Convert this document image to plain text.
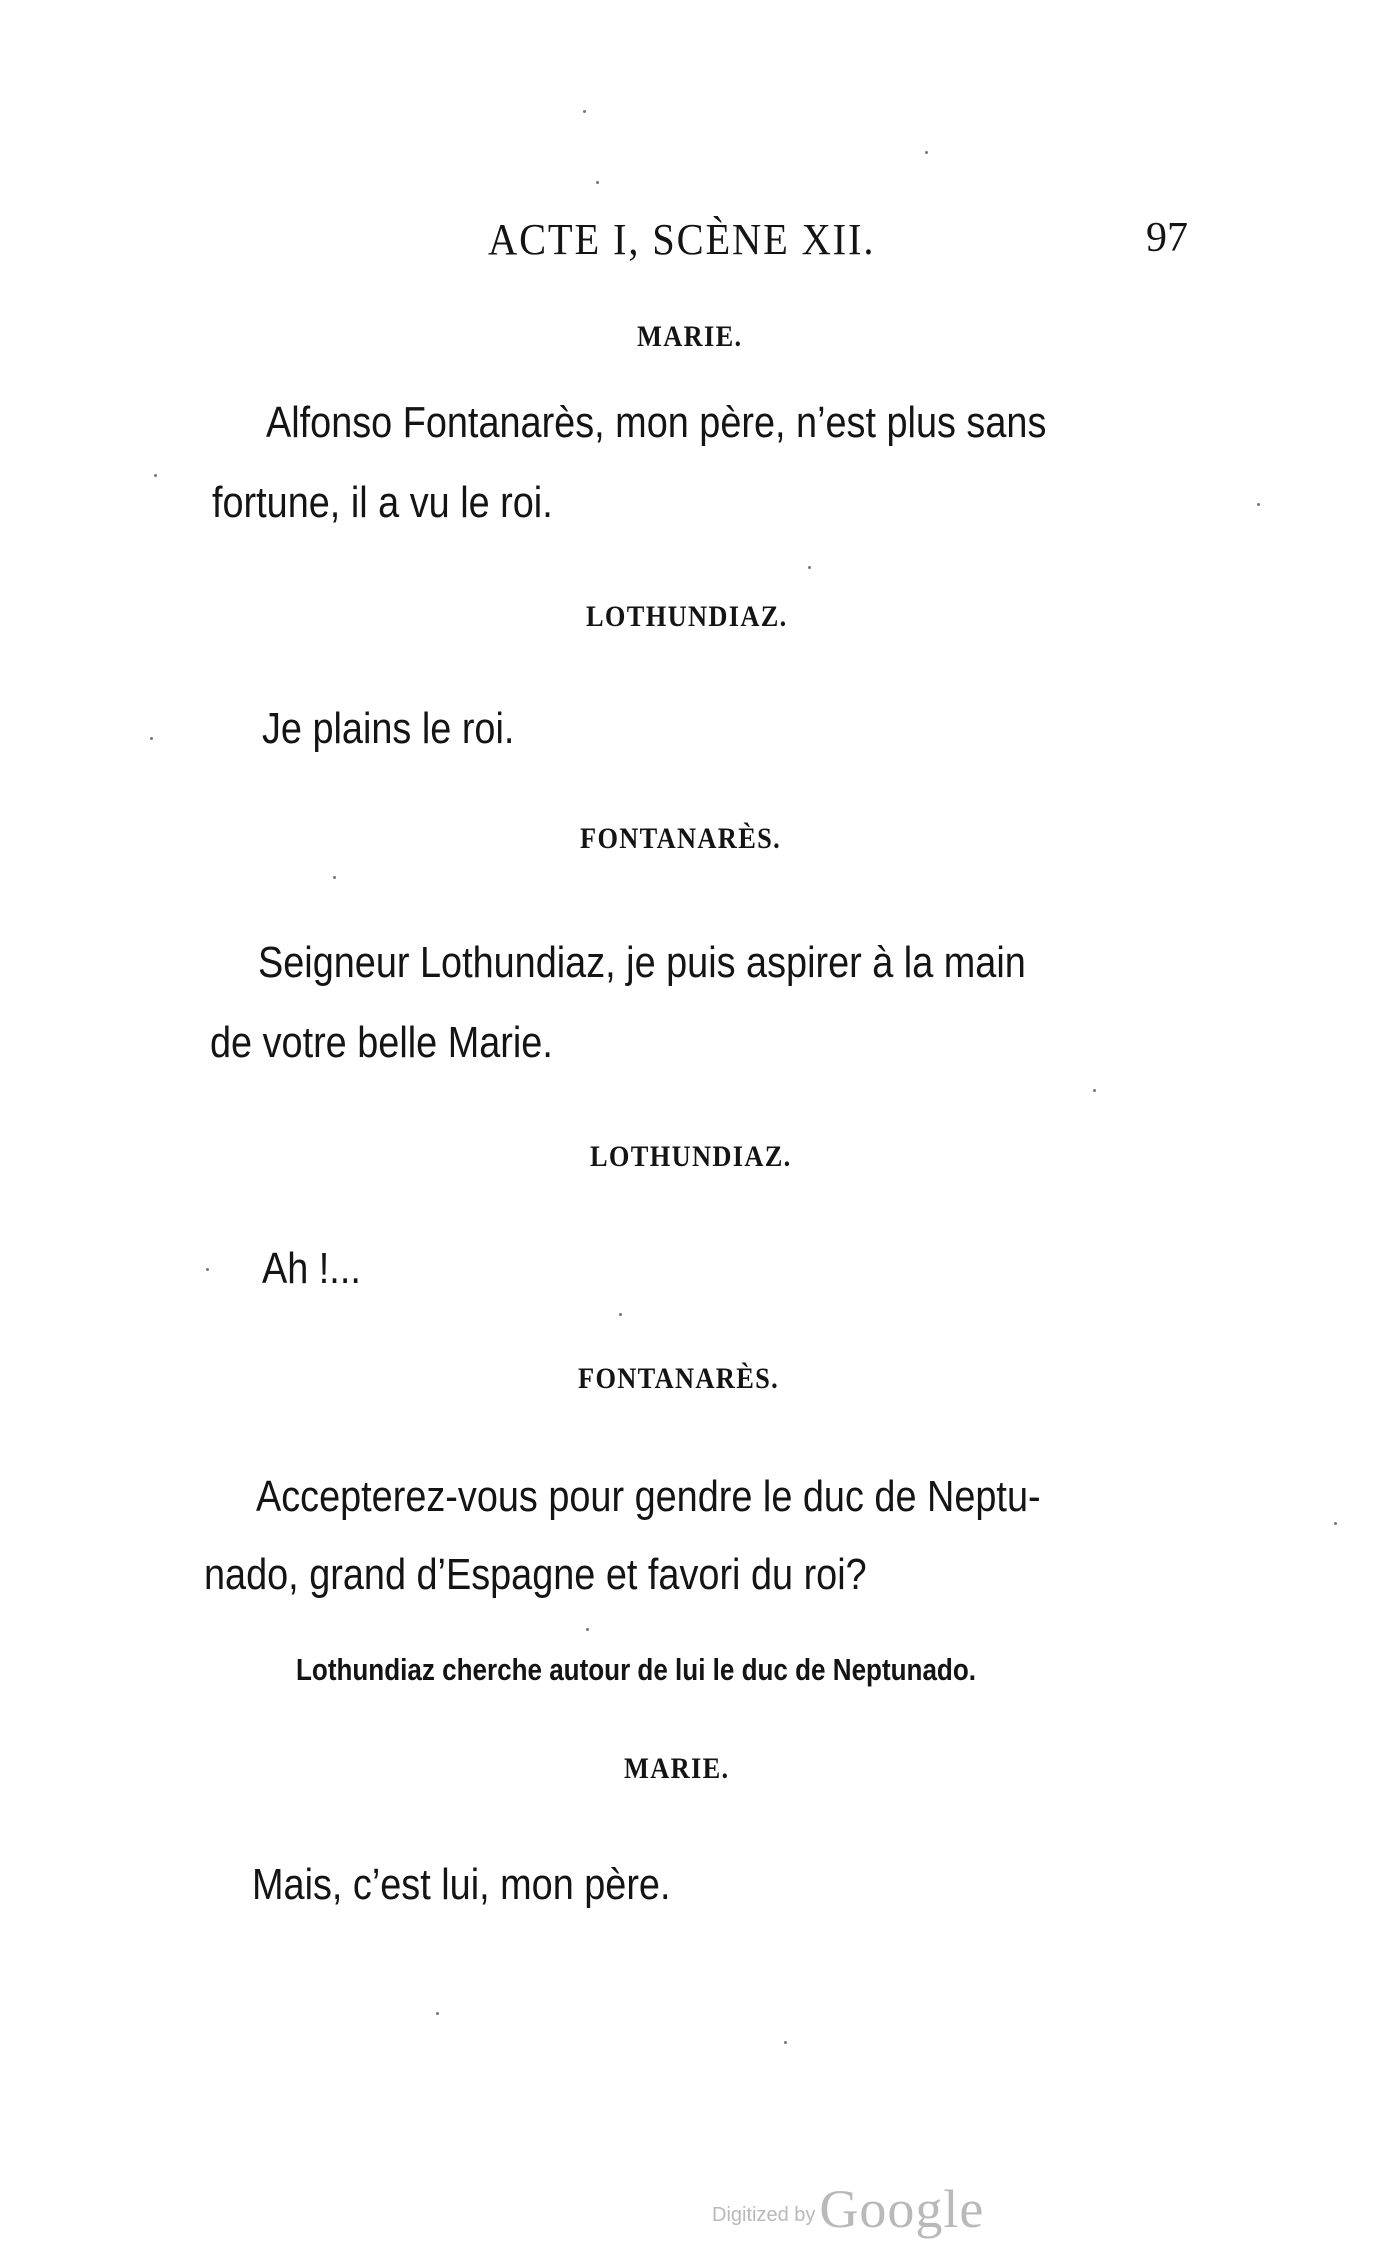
ACTE I, SCÈNE XII.	97
MARIE.
Alfonso Fontanarès, mon père, n’est plus sans
fortune, il a vu le roi.
LOTHUNDIAZ.
Je plains le roi.
FONTANARÈS.
Seigneur Lothundiaz, je puis aspirer à la main
de votre belle Marie.
LOTHUNDIAZ.
Ah !...
FONTANARÈS.
Accepterez-vous pour gendre le duc de Neptu-
nado, grand d’Espagne et favori du roi?
Lothundiaz cherche autour de lui le duc de Neptunado.
MARIE.
Mais, c’est lui, mon père.
Digitized by Google
